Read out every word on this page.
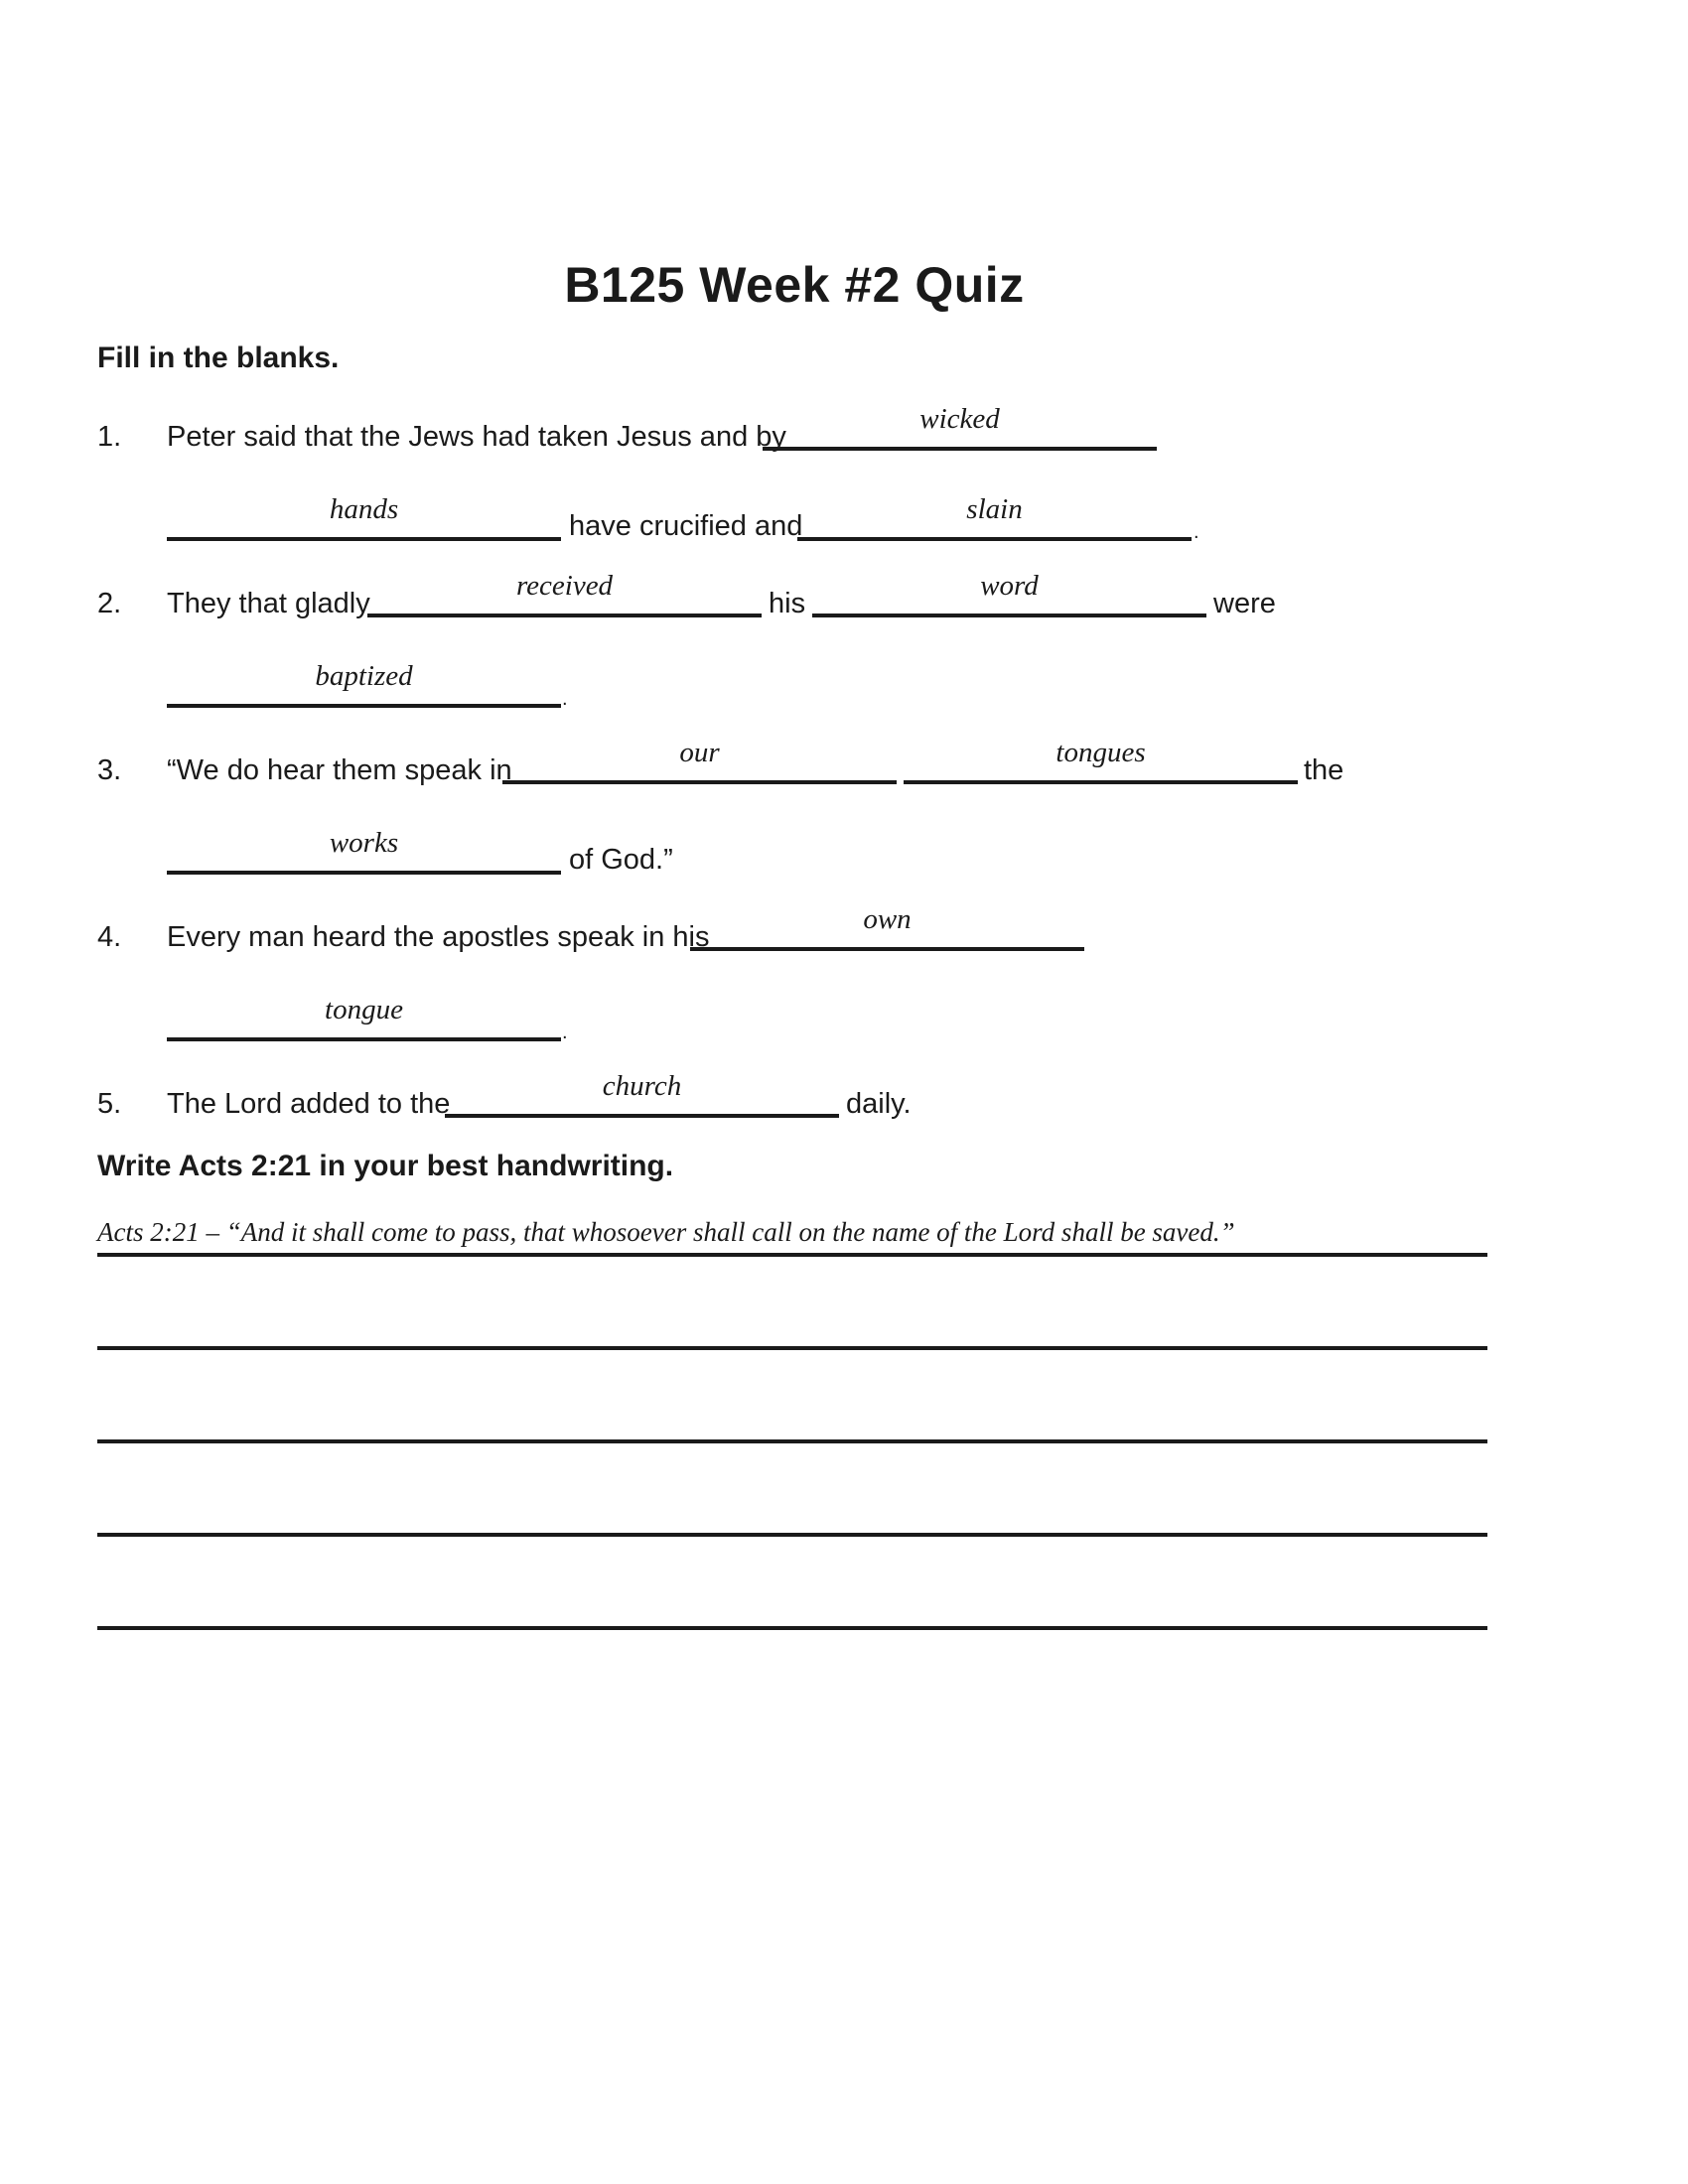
B125 Week #2 Quiz
Fill in the blanks.
1. Peter said that the Jews had taken Jesus and by
wicked
hands
have crucified and
slain
.
2. They that gladly
received
his
word
were
baptized
.
3. “We do hear them speak in
our	tongues
the
works
of God.”
4. Every man heard the apostles speak in his
own
tongue
.
5. The Lord added to the
church
daily.
Write Acts 2:21 in your best handwriting.
Acts 2:21 – “And it shall come to pass, that whosoever shall call on the name of the Lord shall be saved.”
